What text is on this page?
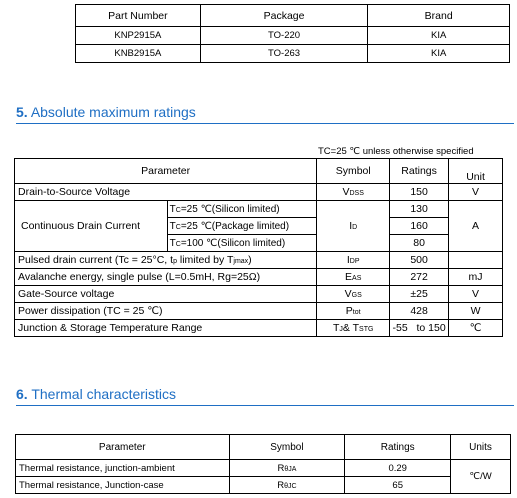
Part Number	Package	Brand
KNP2915A	TO-220	KIA
KNB2915A	TO-263	KIA
5. Absolute maximum ratings
TC=25 ℃ unless otherwise specified
Parameter		Symbol	Ratings	Unit
Drain-to-Source Voltage		VDSS	150	V
Continuous Drain Current	TC=25 ℃(Silicon limited)	ID	130	A
	TC=25 ℃(Package limited)		160	
	TC=100 ℃(Silicon limited)		80	
Pulsed drain current (Tc = 25°C, tp limited by Tjmax)		IDP	500	
Avalanche energy, single pulse (L=0.5mH, Rg=25Ω)		EAS	272	mJ
Gate-Source voltage		VGS	±25	V
Power dissipation (TC = 25 ℃)		Ptot	428	W
Junction & Storage Temperature Range		TJ& TSTG	-55   to 150	℃
6. Thermal characteristics
Parameter	Symbol	Ratings	Units
Thermal resistance, junction-ambient	RθJA	0.29	℃/W
Thermal resistance, Junction-case	RθJC	65	
